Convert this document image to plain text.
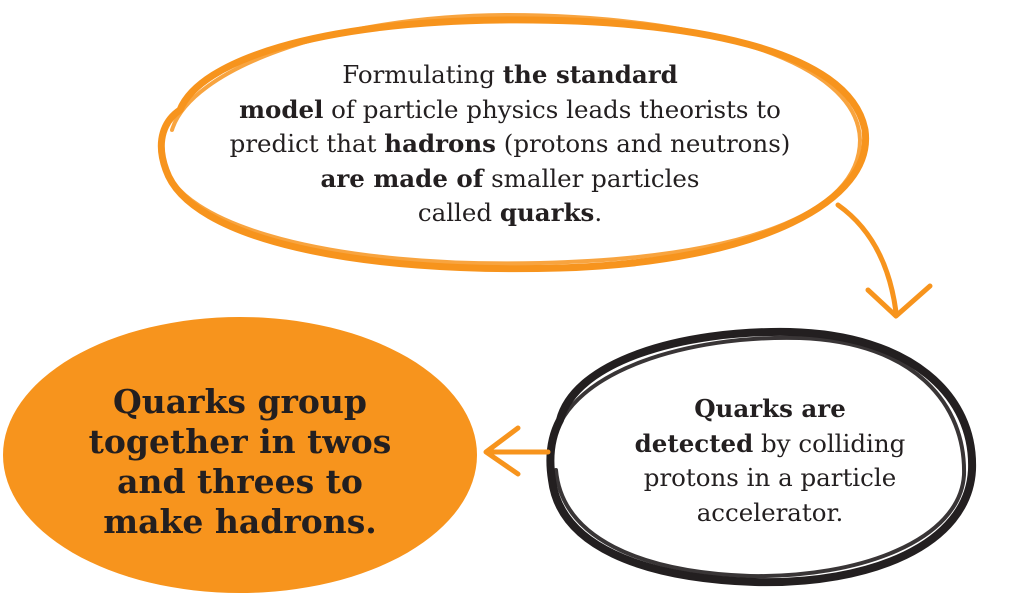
Formulating the standard
model of particle physics leads theorists to
predict that hadrons (protons and neutrons)
are made of smaller particles
called quarks.
Quarks are
detected by colliding
protons in a particle
accelerator.
Quarks group
together in twos
and threes to
make hadrons.
